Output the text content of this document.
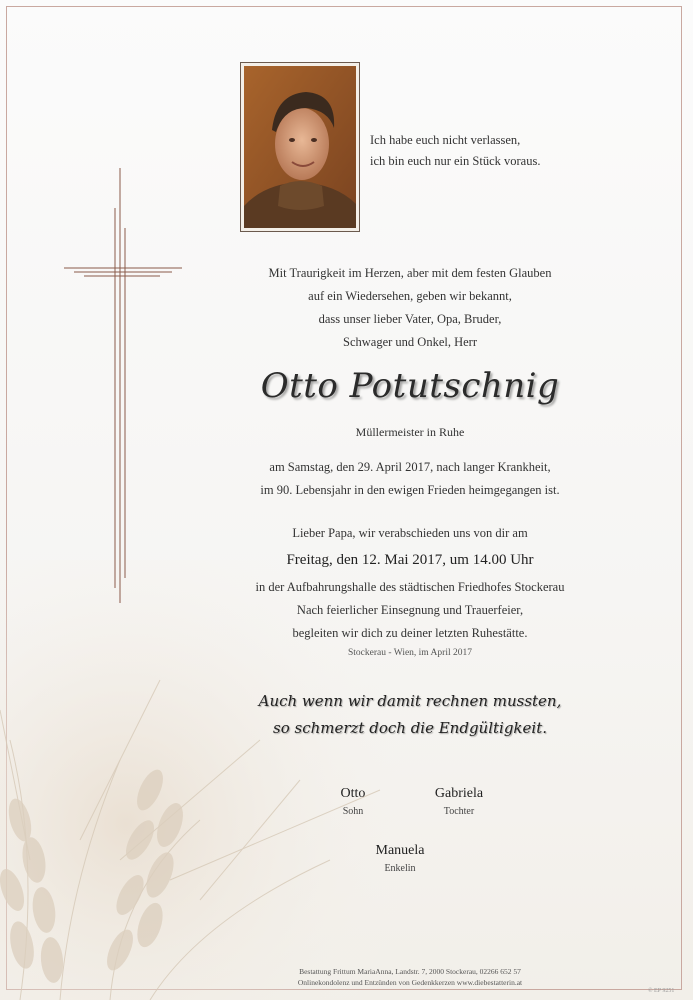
Ich habe euch nicht verlassen,
ich bin euch nur ein Stück voraus.
Mit Traurigkeit im Herzen, aber mit dem festen Glauben
auf ein Wiedersehen, geben wir bekannt,
dass unser lieber Vater, Opa, Bruder,
Schwager und Onkel, Herr
Otto Potutschnig
Müllermeister in Ruhe
am Samstag, den 29. April 2017, nach langer Krankheit,
im 90. Lebensjahr in den ewigen Frieden heimgegangen ist.
Lieber Papa, wir verabschieden uns von dir am
Freitag, den 12. Mai 2017, um 14.00 Uhr
in der Aufbahrungshalle des städtischen Friedhofes Stockerau
Nach feierlicher Einsegnung und Trauerfeier,
begleiten wir dich zu deiner letzten Ruhestätte.
Stockerau - Wien, im April 2017
Auch wenn wir damit rechnen mussten,
so schmerzt doch die Endgültigkeit.
Otto
Sohn
Gabriela
Tochter
Manuela
Enkelin
Bestattung Frittum MariaAnna, Landstr. 7, 2000 Stockerau, 02266 652 57
Onlinekondolenz und Entzünden von Gedenkkerzen www.diebestatterin.at
© EP 9251
